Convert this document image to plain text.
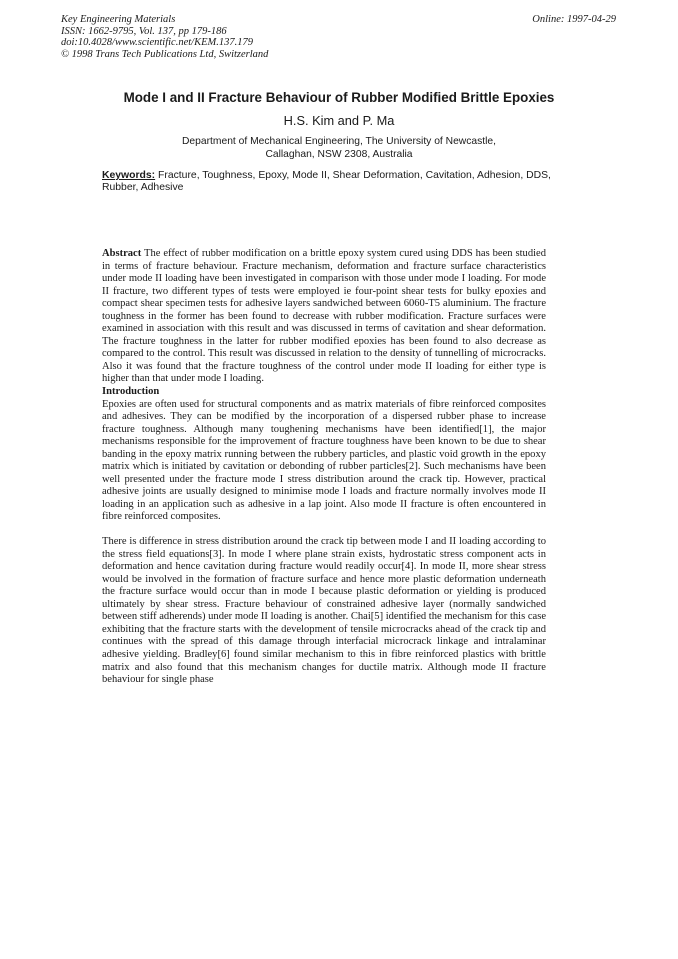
Key Engineering Materials
ISSN: 1662-9795, Vol. 137, pp 179-186
doi:10.4028/www.scientific.net/KEM.137.179
© 1998 Trans Tech Publications Ltd, Switzerland
Online: 1997-04-29
Mode I and II Fracture Behaviour of Rubber Modified Brittle Epoxies
H.S. Kim and P. Ma
Department of Mechanical Engineering, The University of Newcastle,
Callaghan, NSW 2308, Australia
Keywords: Fracture, Toughness, Epoxy, Mode II, Shear Deformation, Cavitation, Adhesion, DDS, Rubber, Adhesive

Abstract The effect of rubber modification on a brittle epoxy system cured using DDS has been studied in terms of fracture behaviour. Fracture mechanism, deformation and fracture surface characteristics under mode II loading have been investigated in comparison with those under mode I loading. For mode II fracture, two different types of tests were employed ie four-point shear tests for bulky epoxies and compact shear specimen tests for adhesive layers sandwiched between 6060-T5 aluminium. The fracture toughness in the former has been found to decrease with rubber modification. Fracture surfaces were examined in association with this result and was discussed in terms of cavitation and shear deformation. The fracture toughness in the latter for rubber modified epoxies has been found to also decrease as compared to the control. This result was discussed in relation to the density of tunnelling of microcracks. Also it was found that the fracture toughness of the control under mode II loading for either type is higher than that under mode I loading.

Introduction

Epoxies are often used for structural components and as matrix materials of fibre reinforced composites and adhesives. They can be modified by the incorporation of a dispersed rubber phase to increase fracture toughness. Although many toughening mechanisms have been identified[1], the major mechanisms responsible for the improvement of fracture toughness have been known to be due to shear banding in the epoxy matrix running between the rubbery particles, and plastic void growth in the epoxy matrix which is initiated by cavitation or debonding of rubber particles[2]. Such mechanisms have been well presented under the fracture mode I stress distribution around the crack tip. However, practical adhesive joints are usually designed to minimise mode I loads and fracture normally involves mode II loading in an application such as adhesive in a lap joint. Also mode II fracture is often encountered in fibre reinforced composites.

There is difference in stress distribution around the crack tip between mode I and II loading according to the stress field equations[3]. In mode I where plane strain exists, hydrostatic stress component acts in deformation and hence cavitation during fracture would readily occur[4]. In mode II, more shear stress would be involved in the formation of fracture surface and hence more plastic deformation underneath the fracture surface would occur than in mode I because plastic deformation or yielding is produced ultimately by shear stress. Fracture behaviour of constrained adhesive layer (normally sandwiched between stiff adherends) under mode II loading is another. Chai[5] identified the mechanism for this case exhibiting that the fracture starts with the development of tensile microcracks ahead of the crack tip and continues with the spread of this damage through interfacial microcrack linkage and intralaminar adhesive yielding. Bradley[6] found similar mechanism to this in fibre reinforced plastics with brittle matrix and also found that this mechanism changes for ductile matrix. Although mode II fracture behaviour for single phase
